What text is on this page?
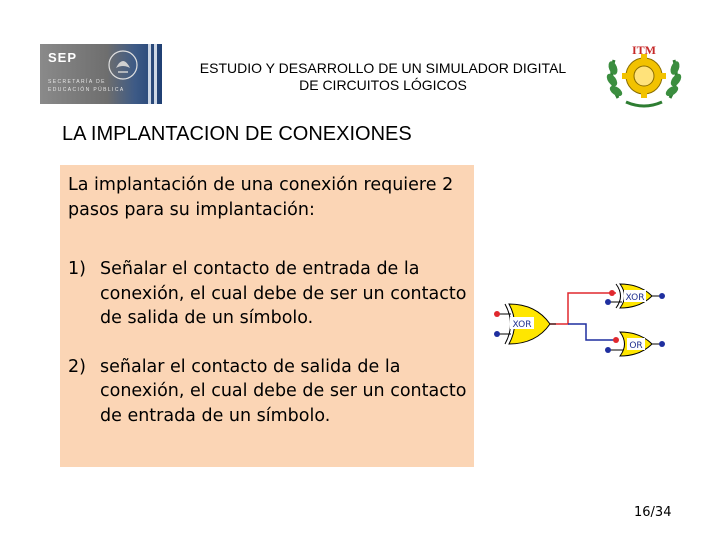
SEP
SECRETARÍA DE EDUCACIÓN PÚBLICA
ESTUDIO Y DESARROLLO DE UN SIMULADOR DIGITAL
DE CIRCUITOS LÓGICOS
ITM
LA IMPLANTACION DE CONEXIONES
La implantación de una conexión requiere 2 pasos para su implantación:
1) Señalar el contacto de entrada de la conexión, el cual debe de ser un contacto de salida de un símbolo.
2) señalar el contacto de salida de la conexión, el cual debe de ser un contacto de entrada de un símbolo.
XOR
XOR
OR
16/34
